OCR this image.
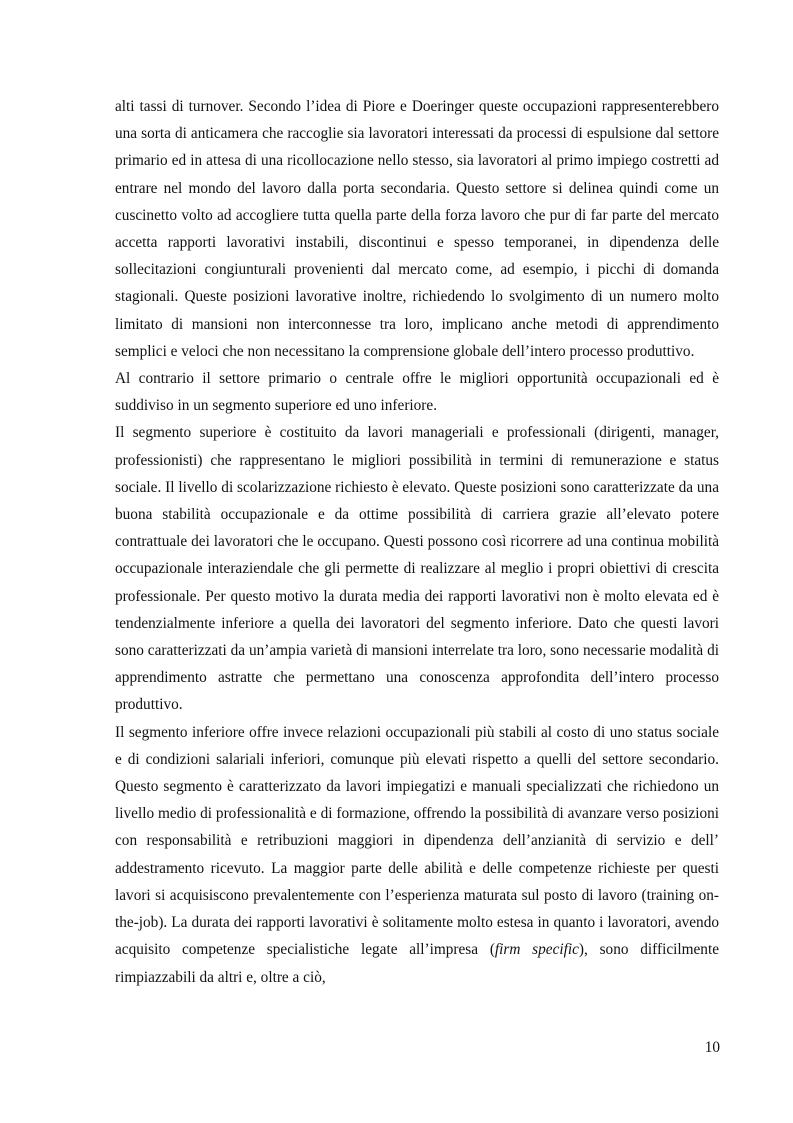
alti tassi di turnover. Secondo l’idea di Piore e Doeringer queste occupazioni rappresenterebbero una sorta di anticamera che raccoglie sia lavoratori interessati da processi di espulsione dal settore primario ed in attesa di una ricollocazione nello stesso, sia lavoratori al primo impiego costretti ad entrare nel mondo del lavoro dalla porta secondaria. Questo settore si delinea quindi come un cuscinetto volto ad accogliere tutta quella parte della forza lavoro che pur di far parte del mercato accetta rapporti lavorativi instabili, discontinui e spesso temporanei, in dipendenza delle sollecitazioni congiunturali provenienti dal mercato come, ad esempio, i picchi di domanda stagionali. Queste posizioni lavorative inoltre, richiedendo lo svolgimento di un numero molto limitato di mansioni non interconnesse tra loro, implicano anche metodi di apprendimento semplici e veloci che non necessitano la comprensione globale dell’intero processo produttivo.

Al contrario il settore primario o centrale offre le migliori opportunità occupazionali ed è suddiviso in un segmento superiore ed uno inferiore.

Il segmento superiore è costituito da lavori manageriali e professionali (dirigenti, manager, professionisti) che rappresentano le migliori possibilità in termini di remunerazione e status sociale. Il livello di scolarizzazione richiesto è elevato. Queste posizioni sono caratterizzate da una buona stabilità occupazionale e da ottime possibilità di carriera grazie all’elevato potere contrattuale dei lavoratori che le occupano. Questi possono così ricorrere ad una continua mobilità occupazionale interaziendale che gli permette di realizzare al meglio i propri obiettivi di crescita professionale. Per questo motivo la durata media dei rapporti lavorativi non è molto elevata ed è tendenzialmente inferiore a quella dei lavoratori del segmento inferiore. Dato che questi lavori sono caratterizzati da un’ampia varietà di mansioni interrelate tra loro, sono necessarie modalità di apprendimento astratte che permettano una conoscenza approfondita dell’intero processo produttivo.

Il segmento inferiore offre invece relazioni occupazionali più stabili al costo di uno status sociale e di condizioni salariali inferiori, comunque più elevati rispetto a quelli del settore secondario. Questo segmento è caratterizzato da lavori impiegatizi e manuali specializzati che richiedono un livello medio di professionalità e di formazione, offrendo la possibilità di avanzare verso posizioni con responsabilità e retribuzioni maggiori in dipendenza dell’anzianità di servizio e dell’ addestramento ricevuto. La maggior parte delle abilità e delle competenze richieste per questi lavori si acquisiscono prevalentemente con l’esperienza maturata sul posto di lavoro (training on-the-job). La durata dei rapporti lavorativi è solitamente molto estesa in quanto i lavoratori, avendo acquisito competenze specialistiche legate all’impresa (firm specific), sono difficilmente rimpiazzabili da altri e, oltre a ciò,

10
